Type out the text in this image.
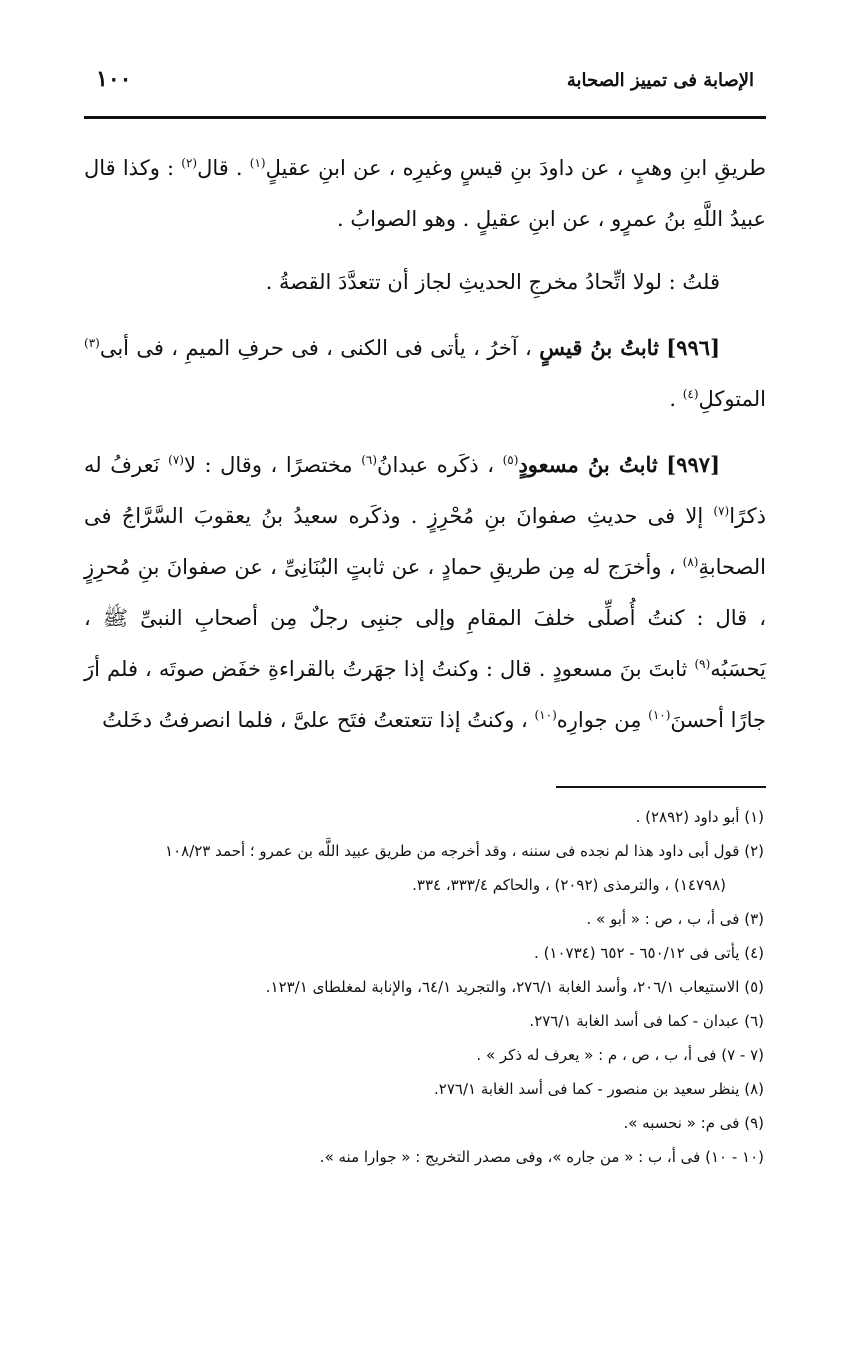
الإصابة فى تمييز الصحابة
١٠٠

طريقِ ابنِ وهبٍ ، عن داودَ بنِ قيسٍ وغيرِه ، عن ابنِ عقيلٍ$^{(١)}$ . قال$^{(٢)}$ : وكذا قال عبيدُ اللَّهِ بنُ عمرٍو ، عن ابنِ عقيلٍ . وهو الصوابُ .

قلتُ : لولا اتِّحادُ مخرجِ الحديثِ لجاز أن تتعدَّدَ القصةُ .

[٩٩٦] ثابتُ بنُ قيسٍ ، آخرُ ، يأتى فى الكنى ، فى حرفِ الميمِ ، فى أبى$^{(٣)}$ المتوكلِ$^{(٤)}$ .

[٩٩٧] ثابتُ بنُ مسعودٍ$^{(٥)}$ ، ذكَره عبدانُ$^{(٦)}$ مختصرًا ، وقال : لا$^{(٧)}$ نَعرفُ له ذكرًا$^{(٧)}$ إلا فى حديثِ صفوانَ بنِ مُحْرِزٍ . وذكَره سعيدُ بنُ يعقوبَ السَّرَّاجُ فى الصحابةِ$^{(٨)}$ ، وأخرَج له مِن طريقِ حمادٍ ، عن ثابتٍ البُنَانِىِّ ، عن صفوانَ بنِ مُحرِزٍ ، قال : كنتُ أُصلِّى خلفَ المقامِ وإلى جنبِى رجلٌ مِن أصحابِ النبىِّ ﷺ ، يَحسَبُه$^{(٩)}$ ثابتَ بنَ مسعودٍ . قال : وكنتُ إذا جهَرتُ بالقراءةِ خفَض صوتَه ، فلم أرَ جارًا أحسنَ$^{(١٠)}$ مِن جوارِه$^{(١٠)}$ ، وكنتُ إذا تتعتعتُ فتَح علىَّ ، فلما انصرفتُ دخَلتُ

(١) أبو داود (٢٨٩٢) .

(٢) قول أبى داود هذا لم نجده فى سننه ، وقد أخرجه من طريق عبيد اللَّه بن عمرو ؛ أحمد ١٠٨/٢٣

(١٤٧٩٨) ، والترمذى (٢٠٩٢) ، والحاكم ٣٣٣/٤، ٣٣٤.

(٣) فى أ، ب ، ص : « أبو » .

(٤) يأتى فى ٦٥٠/١٢ - ٦٥٢ (١٠٧٣٤) .

(٥) الاستيعاب ٢٠٦/١، وأسد الغابة ٢٧٦/١، والتجريد ٦٤/١، والإنابة لمغلطاى ١٢٣/١.

(٦) عبدان - كما فى أسد الغابة ٢٧٦/١.

(٧ - ٧) فى أ، ب ، ص ، م : « يعرف له ذكر » .

(٨) ينظر سعيد بن منصور - كما فى أسد الغابة ٢٧٦/١.

(٩) فى م: « نحسبه ».

(١٠ - ١٠) فى أ، ب : « من جاره »، وفى مصدر التخريج : « جوارا منه ».
